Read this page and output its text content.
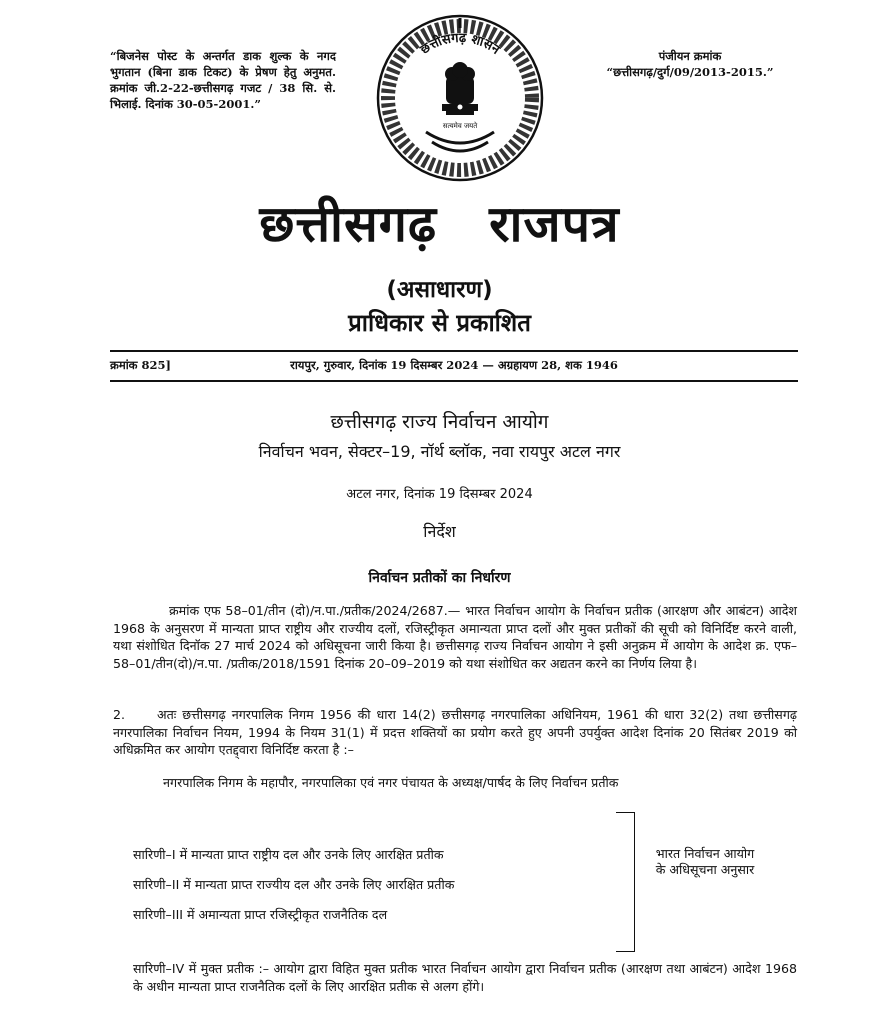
“बिजनेस पोस्ट के अन्तर्गत डाक शुल्क के नगद भुगतान (बिना डाक टिकट) के प्रेषण हेतु अनुमत. क्रमांक जी.2-22-छत्तीसगढ़ गजट / 38 सि. से. भिलाई. दिनांक 30-05-2001.”
पंजीयन क्रमांक
“छत्तीसगढ़/दुर्ग/09/2013-2015.”
छत्तीसगढ़ शासन
सत्यमेव जयते
छत्तीसगढ़ राजपत्र
(असाधारण)
प्राधिकार से प्रकाशित
क्रमांक 825]	रायपुर, गुरुवार, दिनांक 19 दिसम्बर 2024 — अग्रहायण 28, शक 1946
छत्तीसगढ़ राज्य निर्वाचन आयोग
निर्वाचन भवन, सेक्टर–19, नॉर्थ ब्लॉक, नवा रायपुर अटल नगर
अटल नगर, दिनांक 19 दिसम्बर 2024
निर्देश
निर्वाचन प्रतीकों का निर्धारण
क्रमांक एफ 58–01/तीन (दो)/न.पा./प्रतीक/2024/2687.— भारत निर्वाचन आयोग के निर्वाचन प्रतीक (आरक्षण और आबंटन) आदेश 1968 के अनुसरण में मान्यता प्राप्त राष्ट्रीय और राज्यीय दलों, रजिस्ट्रीकृत अमान्यता प्राप्त दलों और मुक्त प्रतीकों की सूची को विनिर्दिष्ट करने वाली, यथा संशोधित दिनॉक 27 मार्च 2024 को अधिसूचना जारी किया है। छत्तीसगढ़ राज्य निर्वाचन आयोग ने इसी अनुक्रम में आयोग के आदेश क्र. एफ–58–01/तीन(दो)/न.पा. /प्रतीक/2018/1591 दिनांक 20–09–2019 को यथा संशोधित कर अद्यतन करने का निर्णय लिया है।
2.	अतः छत्तीसगढ़ नगरपालिक निगम 1956 की धारा 14(2) छत्तीसगढ़ नगरपालिका अधिनियम, 1961 की धारा 32(2) तथा छत्तीसगढ़ नगरपालिका निर्वाचन नियम, 1994 के नियम 31(1) में प्रदत्त शक्तियों का प्रयोग करते हुए अपनी उपर्युक्त आदेश दिनांक 20 सितंबर 2019 को अधिक्रमित कर आयोग एतद्द्वारा विनिर्दिष्ट करता है :–
नगरपालिक निगम के महापौर, नगरपालिका एवं नगर पंचायत के अध्यक्ष/पार्षद के लिए निर्वाचन प्रतीक
सारिणी–I में मान्यता प्राप्त राष्ट्रीय दल और उनके लिए आरक्षित प्रतीक
सारिणी–II में मान्यता प्राप्त राज्यीय दल और उनके लिए आरक्षित प्रतीक
सारिणी–III में अमान्यता प्राप्त रजिस्ट्रीकृत राजनैतिक दल
भारत निर्वाचन आयोग के अधिसूचना अनुसार
सारिणी–IV में मुक्त प्रतीक :– आयोग द्वारा विहित मुक्त प्रतीक भारत निर्वाचन आयोग द्वारा निर्वाचन प्रतीक (आरक्षण तथा आबंटन) आदेश 1968 के अधीन मान्यता प्राप्त राजनैतिक दलों के लिए आरक्षित प्रतीक से अलग होंगे।
